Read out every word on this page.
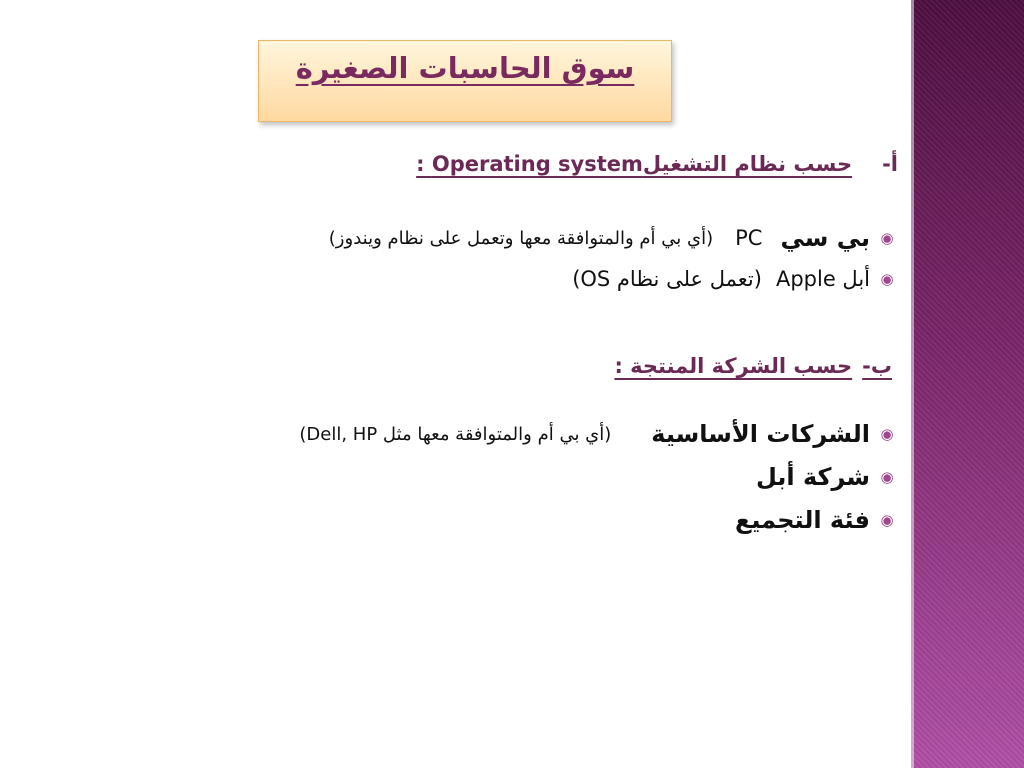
سوق الحاسبات الصغيرة
أ-
حسب نظام التشغيلOperating system :
◉
بي سي
PC
(أي بي أم والمتوافقة معها وتعمل على نظام ويندوز)
◉
أبل Apple
(تعمل على نظام OS)
ب-
حسب الشركة المنتجة :
◉
الشركات الأساسية
(أي بي أم والمتوافقة معها مثل Dell, HP)
◉
شركة أبل
◉
فئة التجميع
